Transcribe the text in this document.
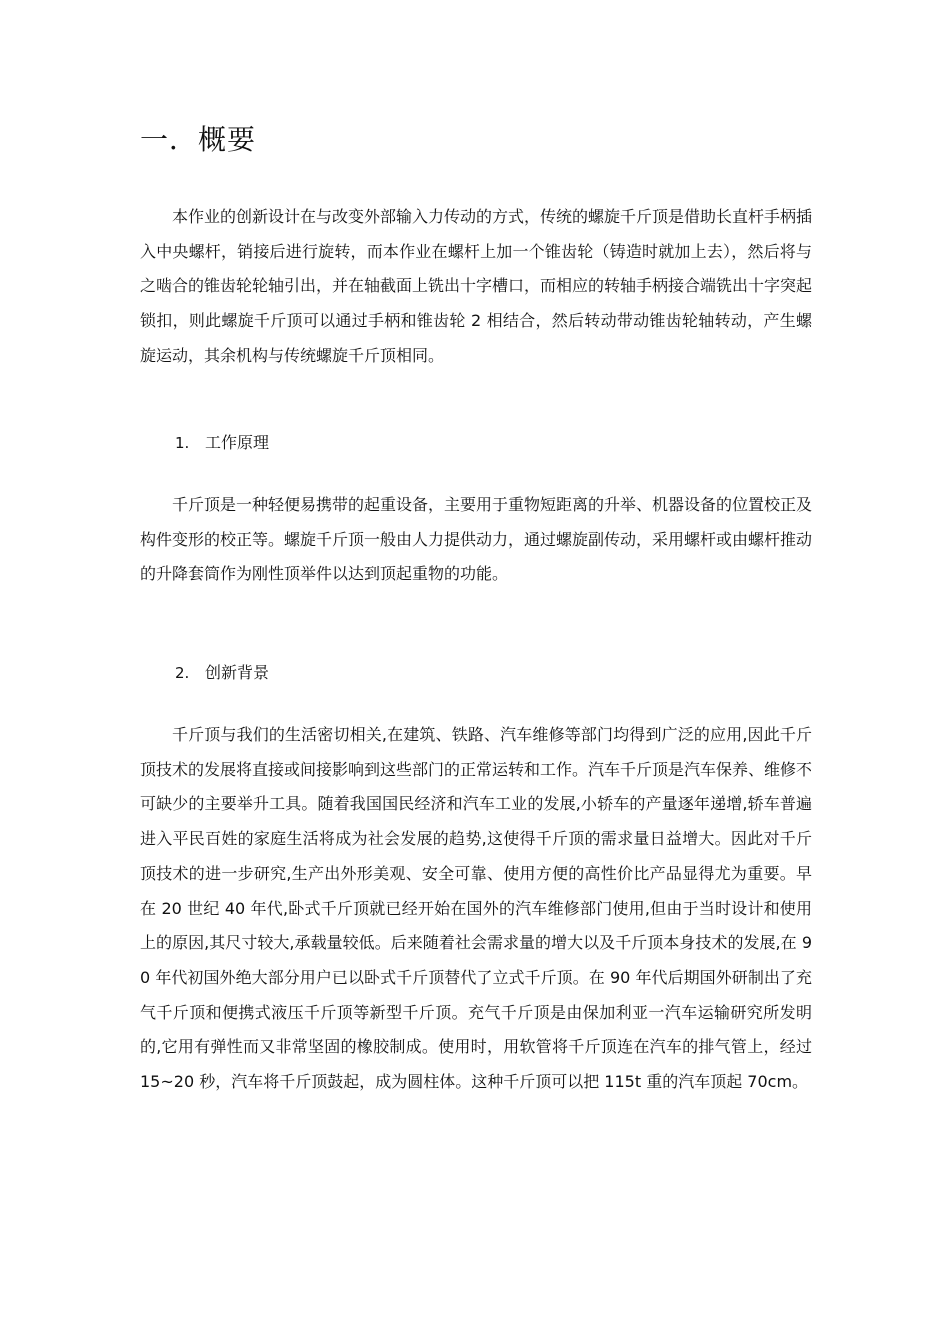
一．概要

本作业的创新设计在与改变外部输入力传动的方式，传统的螺旋千斤顶是借助长直杆手柄插入中央螺杆，销接后进行旋转，而本作业在螺杆上加一个锥齿轮（铸造时就加上去），然后将与之啮合的锥齿轮轮轴引出，并在轴截面上铣出十字槽口，而相应的转轴手柄接合端铣出十字突起锁扣，则此螺旋千斤顶可以通过手柄和锥齿轮 2 相结合，然后转动带动锥齿轮轴转动，产生螺旋运动，其余机构与传统螺旋千斤顶相同。

1. 工作原理

千斤顶是一种轻便易携带的起重设备，主要用于重物短距离的升举、机器设备的位置校正及构件变形的校正等。螺旋千斤顶一般由人力提供动力，通过螺旋副传动，采用螺杆或由螺杆推动的升降套筒作为刚性顶举件以达到顶起重物的功能。

2. 创新背景

千斤顶与我们的生活密切相关,在建筑、铁路、汽车维修等部门均得到广泛的应用,因此千斤顶技术的发展将直接或间接影响到这些部门的正常运转和工作。汽车千斤顶是汽车保养、维修不可缺少的主要举升工具。随着我国国民经济和汽车工业的发展,小轿车的产量逐年递增,轿车普遍进入平民百姓的家庭生活将成为社会发展的趋势,这使得千斤顶的需求量日益增大。因此对千斤顶技术的进一步研究,生产出外形美观、安全可靠、使用方便的高性价比产品显得尤为重要。早在 20 世纪 40 年代,卧式千斤顶就已经开始在国外的汽车维修部门使用,但由于当时设计和使用上的原因,其尺寸较大,承载量较低。后来随着社会需求量的增大以及千斤顶本身技术的发展,在 90 年代初国外绝大部分用户已以卧式千斤顶替代了立式千斤顶。在 90 年代后期国外研制出了充气千斤顶和便携式液压千斤顶等新型千斤顶。充气千斤顶是由保加利亚一汽车运输研究所发明的,它用有弹性而又非常坚固的橡胶制成。使用时，用软管将千斤顶连在汽车的排气管上，经过 15~20 秒，汽车将千斤顶鼓起，成为圆柱体。这种千斤顶可以把 115t 重的汽车顶起 70cm。
